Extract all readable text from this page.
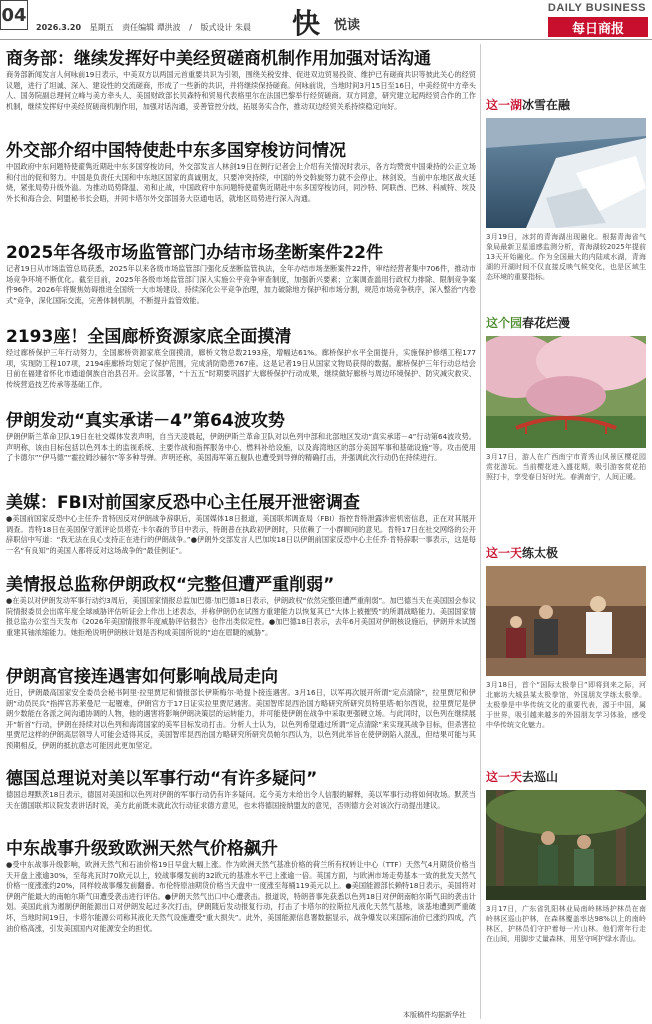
04
2026.3.20 星期五 责任编辑 谭洪波 / 版式设计 朱晨 快 悦读
DAILY BUSINESS
每日商报
商务部：继续发挥好中美经贸磋商机制作用加强对话沟通
商务部新闻发言人何咏前19日表示，中美双方以两国元首重要共识为引领，围绕关税安排、促进双边贸易投资、维护已有磋商共识等彼此关心的经贸议题，进行了坦诚、深入、建设性的交流磋商，形成了一些新的共识，并将继续保持磋商。何咏前说，当地时间3月15日至16日，中美经贸中方牵头人、国务院副总理何立峰与美方牵头人、美国财政部长贝森特和贸易代表格里尔在法国巴黎举行经贸磋商。双方同意，研究建立起两经贸合作的工作机制，继续发挥好中美经贸磋商机制作用，加强对话沟通，妥善管控分歧，拓展务实合作，推动双边经贸关系持续稳定向好。
外交部介绍中国特使赴中东多国穿梭访问情况
中国政府中东问题特使翟隽近期赴中东多国穿梭访问，外交部发言人林剑19日在例行记者会上介绍有关情况时表示，各方均赞赏中国秉持的公正立场和付出的促和努力。中国是负责任大国和中东地区国家的真诚朋友，只要冲突持续，中国的外交斡旋努力就不会停止。林剑说，当前中东地区战火延烧，紧张局势升级外溢。为推动局势降温、劝和止战，中国政府中东问题特使翟隽近期赴中东多国穿梭访问，同沙特、阿联酋、巴林、科威特、埃及外长和海合会、阿盟秘书长会晤，并同卡塔尔外交部国务大臣通电话，就地区局势进行深入沟通。
2025年各级市场监管部门办结市场垄断案件22件
记者19日从市场监管总局获悉，2025年以来各级市场监管部门强化反垄断监管执法，全年办结市场垄断案件22件，审结经营者集中706件，推动市场竞争环境不断优化。截至目前，2025年各级市场监管部门深入实施公平竞争审查制度，加强新兴要素；立案调查滥用行政权力排除、限制竞争案件96件。2026年将聚焦妨碍推进全国统一大市场建设、持续深化公平竞争治理，加力破除地方保护和市场分割，规范市场竞争秩序，深入整治“内卷式”竞争，深化国际交流，完善体制机制，不断提升监管效能。
2193座！全国廊桥资源家底全面摸清
经过廊桥保护三年行动努力，全国廊桥资源家底全面摸清，廊桥文物总数2193座，增幅达61%。廊桥保护水平全面提升，实施保护修缮工程177项，实现防工程107项，2194座廊桥均划定了保护范围，完成消防隐患767座。这是记者19日从国家文物局获得的数据。廊桥保护三年行动总结会日前在福建省怀化市通道侗族自治县召开。会议部署，“十五五”时期要巩固扩大廊桥保护行动成果，继续做好廊桥与周边环境保护、防灾减灾救灾、传统营造技艺传承等基础工作。
伊朗发动“真实承诺－4”第64波攻势
伊朗伊斯兰革命卫队19日在社交媒体发表声明，自当天凌晨起，伊朗伊斯兰革命卫队对以色列中部和北部地区发动“真实承诺－4”行动第64波攻势。声明称，该由目标包括以色列本土的监视系统、主要作战和指挥服务中心、燃料补给设施，以及海湾地区的部分美国军事和基础设施“等。攻击使用了卡德尔”“伊马德”“霍拉姆沙赫尔”等多种导弹。声明还称，美国海军第五舰队也遭受到导弹的精确打击，并强调此次行动仍在持续进行。
美媒：FBI对前国家反恐中心主任展开泄密调查
●美国前国家反恐中心主任乔·肯特因反对伊朗战争辞职后，美国媒体18日报道，美国联邦调查局（FBI）指控肯特泄露涉密机密信息，正在对其展开调查。肯特18日在美国保守派评论员塔克·卡尔森的节目中表示，特朗普在执政初伊朗时，只依赖了一小群顾问的意见。肯特17日在社交网络的公开辞职信中写道：“我无法在良心支持正在进行的伊朗战争。”●伊朗外交部发言人巴加埃18日以伊朗前国家反恐中心主任乔·肯特辞职一事表示，这是每一名“有良知”的美国人都将反对这场战争的“最佳例证”。
美情报总监称伊朗政权“完整但遭严重削弱”
●在美以对伊朗发动军事行动约3周后，美国国家情报总监加巴德·加巴德18日表示，伊朗政权“依然完整但遭严重削弱”。加巴德当天在美国国会参议院情报委员会出席年度全球威胁评估听证会上作出上述表态，并称伊朗仍在试图方重建能力以恢复其已“大体上被摧毁”的所谓战略能力。美国国家情报总监办公室当天发布《2026年美国情报界年度威胁评估报告》也作出类似定性。●加巴德18日表示，去年6月美国对伊朗核设施后，伊朗并未试图重建其铀浓缩能力。她拒绝说明伊朗核计划是否构成美国所说的“迫在眉睫的威胁”。
伊朗高官接连遇害如何影响战局走向
近日，伊朗最高国家安全委员会秘书阿里·拉里贾尼和情报部长伊斯梅尔·哈提卜接连遇害。3月16日，以军再次展开所谓“定点清除”，拉里贾尼和伊朗“动员民兵”指挥官苏莱曼尼一起罹难，伊朗官方于17日证实拉里贾尼遇害。美国智库昆西治国方略研究所研究员特里塔·帕尔西说，拉里贾尼是伊朗少数能在各派之间沟通协调的人物，他的遇害将影响伊朗决策层的运转能力，并可能使伊朗在战争中采取更强硬立场。与此同时，以色列在继续展开“斩首”行动，伊朗在持续对以色列和海湾国家的美军目标发动打击。分析人士认为，以色列希望通过所谓“定点清除”来实现其战争目标，但杀害拉里贾尼这样的伊朗高层领导人可能会适得其反，美国智库昆西治国方略研究所研究员帕尔西认为，以色列此举旨在使伊朗陷入混乱，但结果可能与其预期相反，伊朗的抵抗意志可能因此更加坚定。
德国总理说对美以军事行动“有许多疑问”
德国总理默茨18日表示，德国对美国和以色列对伊朗的军事行动仍有许多疑问。迄今美方未给出令人信服的解释，美以军事行动将如何收场。默茨当天在德国联邦议院发表讲话时说，美方此前既未就此次行动征求德方意见，也未将德国接纳盟友的意见，否则德方会对该次行动提出建议。
中东战事升级致欧洲天然气价格飙升
●受中东战事升级影响，欧洲天然气和石油价格19日早盘大幅上涨。作为欧洲天然气基准价格的荷兰所有权转让中心（TTF）天然气4月期货价格当天开盘上涨逾30%，至每兆瓦时70欧元以上，较战事爆发前的32欧元的基准水平已上涨逾一倍。英国方面，与欧洲市场走势基本一致的批发天然气价格一度涨涨约20%，同样较战事爆发前翻番。布伦特原油期货价格当天盘中一度涨至每桶119美元以上。●美国能源部长赖特18日表示，美国将对伊朗产能最大的南帕尔斯气田遭受袭击进行评估。●伊朗天然气出口中心遭袭击。报道说，特朗普事先获悉以色列18日对伊朗南帕尔斯气田的袭击计划。美国此前为遏制伊朗能源出口对伊朗发起过多次打击，伊朗随后发动报复行动，打击了卡塔尔的拉斯拉凡液化天然气基地，该基地遭到严重破坏，当地时间19日，卡塔尔能源公司称其液化天然气设施遭受“重大损失”。此外，美国能源信息署数据显示，战争爆发以来国际油价已涨约四成，汽油价格高涨，引发美国国内对能源安全的担忧。
本版稿件均据新华社
这一湖冰雪在融
3月19日，冰封的青海湖出现融化。根据青海省气象局最新卫星遥感监测分析，青海湖较2025年提前13天开始融化。作为全国最大的内陆咸水湖，青海湖的开湖时间不仅直接反映气候变化，也是区域生态环境的重要指标。
这个园春花烂漫
3月17日，游人在广西南宁市青秀山风景区樱花园赏花游玩。当前樱花进入盛花期，吸引游客赏花拍照打卡，享受春日好时光。春满南宁，人间正暖。
这一天练太极
3月18日，首个“国际太极拳日”即将到来之际，河北廊坊大城县某太极拳馆，外国朋友学练太极拳。太极拳是中华传统文化的重要代表，源于中国，属于世界，吸引越来越多的外国朋友学习体验，感受中华传统文化魅力。
这一天去巡山
3月17日，广东省乳阳林业局南岭林场护林员在南岭林区巡山护林，在森林覆盖率达98%以上的南岭林区，护林员们守护着每一片山林。他们常年行走在山间，用脚步丈量森林，用坚守呵护绿水青山。
